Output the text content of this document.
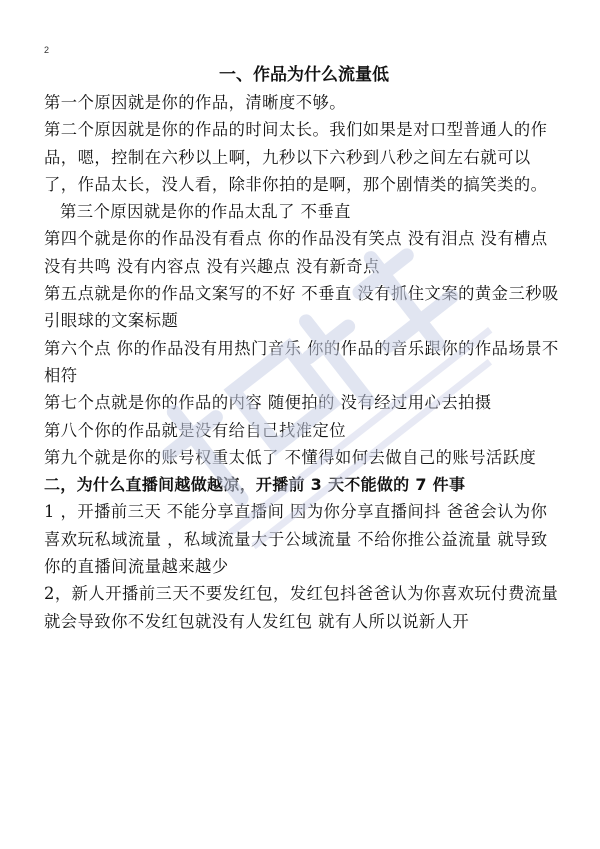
2
一、作品为什么流量低

第一个原因就是你的作品，清晰度不够。

第二个原因就是你的作品的时间太长。我们如果是对口型普通人的作品，嗯，控制在六秒以上啊，九秒以下六秒到八秒之间左右就可以了，作品太长，没人看，除非你拍的是啊，那个剧情类的搞笑类的。

第三个原因就是你的作品太乱了 不垂直

第四个就是你的作品没有看点 你的作品没有笑点 没有泪点 没有槽点 没有共鸣 没有内容点 没有兴趣点 没有新奇点

第五点就是你的作品文案写的不好 不垂直 没有抓住文案的黄金三秒吸引眼球的文案标题

第六个点 你的作品没有用热门音乐 你的作品的音乐跟你的作品场景不相符

第七个点就是你的作品的内容 随便拍的 没有经过用心去拍摄

第八个你的作品就是没有给自己找准定位

第九个就是你的账号权重太低了 不懂得如何去做自己的账号活跃度

二，为什么直播间越做越凉，开播前 3 天不能做的 7 件事

1 ，开播前三天 不能分享直播间 因为你分享直播间抖 爸爸会认为你喜欢玩私域流量 ，私域流量大于公域流量 不给你推公益流量 就导致你的直播间流量越来越少

2，新人开播前三天不要发红包，发红包抖爸爸认为你喜欢玩付费流量 就会导致你不发红包就没有人发红包 就有人所以说新人开
